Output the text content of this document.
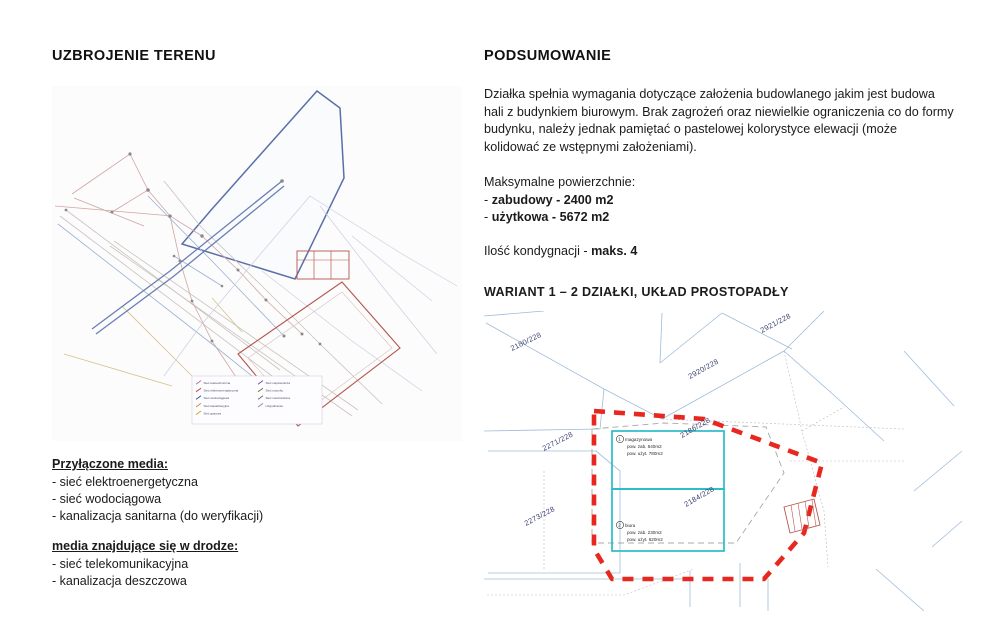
UZBROJENIE TERENU
Sieć teletechniczna
Sieć elektroenergetyczna
Sieć wodociągowa
Sieć kanalizacyjna
Sieć gazowa
Sieć ciepłownicza
Sieć rysunku
Sieć nieokreślona
Uzgodnienia
Przyłączone media:
- sieć elektroenergetyczna
- sieć wodociągowa
- kanalizacja sanitarna (do weryfikacji)
media znajdujące się w drodze:
- sieć telekomunikacyjna
- kanalizacja deszczowa
PODSUMOWANIE

Działka spełnia wymagania dotyczące założenia budowlanego jakim jest budowa hali z budynkiem biurowym. Brak zagrożeń oraz niewielkie ograniczenia co do formy budynku, należy jednak pamiętać o pastelowej kolorystyce elewacji (może kolidować ze wstępnymi założeniami).

Maksymalne powierzchnie:
- zabudowy - 2400 m2
- użytkowa - 5672 m2
Ilość kondygnacji - maks. 4
WARIANT 1 – 2 DZIAŁKI, UKŁAD PROSTOPADŁY
1 magazynowa
pow. zab. 840m2
pow. użyt. 780m2
2 biura
pow. zab. 230m2
pow. użyt. 620m2
2180/228
2921/228
2920/228
2271/228
2273/228
2186/228
2184/228
